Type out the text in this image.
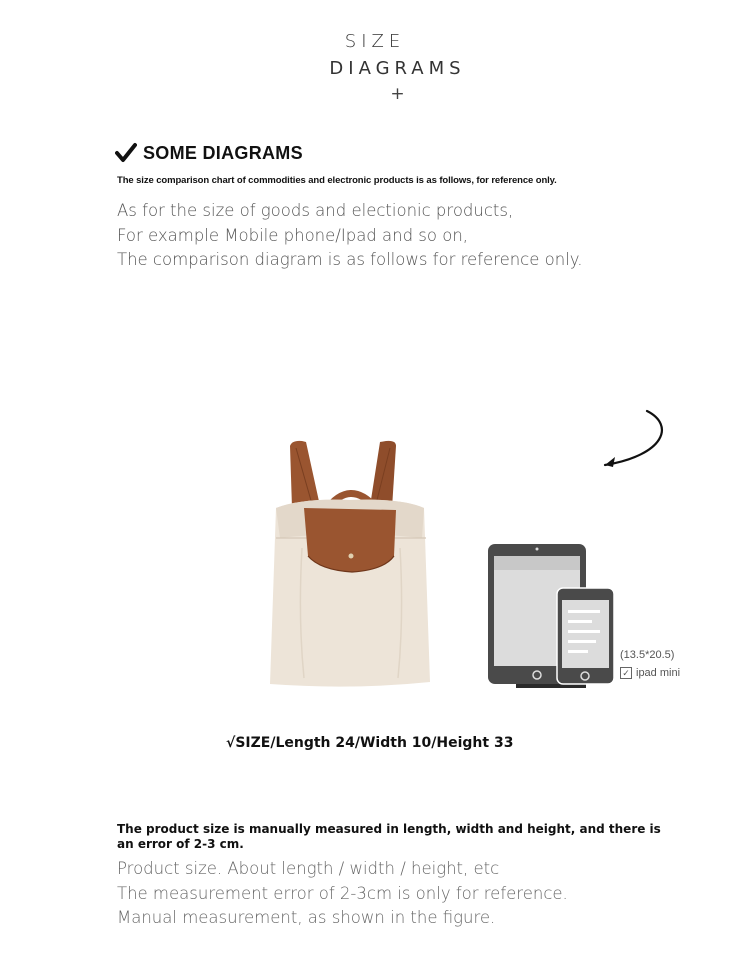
SIZE
DIAGRAMS
+
SOME DIAGRAMS
The size comparison chart of commodities and electronic products is as follows, for reference only.
As for the size of goods and electionic products,
For example Mobile phone/Ipad and so on,
The comparison diagram is as follows for reference only.
(13.5*20.5)
✓ ipad mini
√SIZE/Length 24/Width 10/Height 33
The product size is manually measured in length, width and height, and there is an error of 2-3 cm.
Product size. About length / width / height, etc
The measurement error of 2-3cm is only for reference.
Manual measurement, as shown in the figure.
